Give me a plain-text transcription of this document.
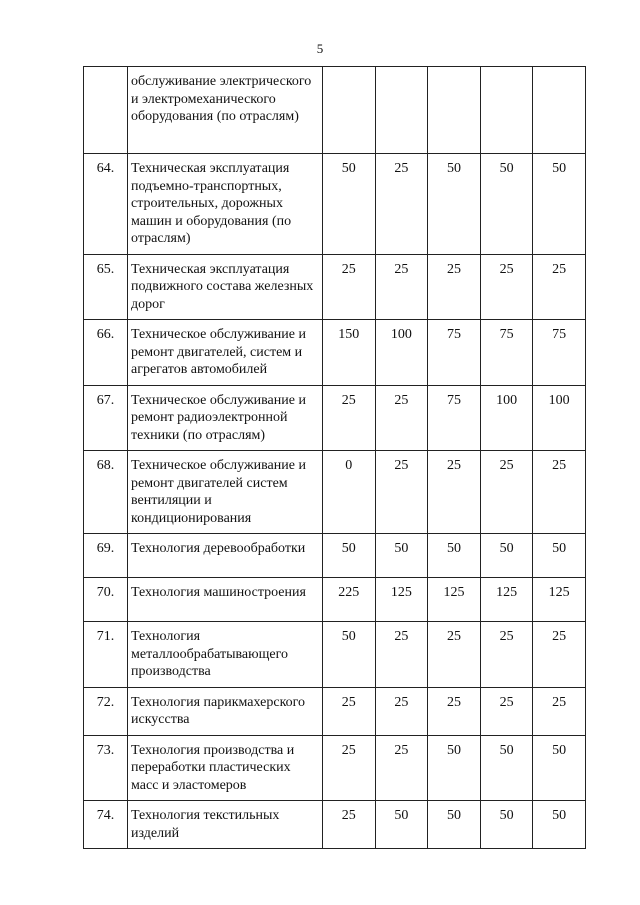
5
	обслуживание электрического и электромеханического оборудования (по отраслям)					
64.	Техническая эксплуатация подъемно-транспортных, строительных, дорожных машин и оборудования (по отраслям)	50	25	50	50	50
65.	Техническая эксплуатация подвижного состава железных дорог	25	25	25	25	25
66.	Техническое обслуживание и ремонт двигателей, систем и агрегатов автомобилей	150	100	75	75	75
67.	Техническое обслуживание и ремонт радиоэлектронной техники (по отраслям)	25	25	75	100	100
68.	Техническое обслуживание и ремонт двигателей систем вентиляции и кондиционирования	0	25	25	25	25
69.	Технология деревообработки	50	50	50	50	50
70.	Технология машиностроения	225	125	125	125	125
71.	Технология металлообрабатывающего производства	50	25	25	25	25
72.	Технология парикмахерского искусства	25	25	25	25	25
73.	Технология производства и переработки пластических масс и эластомеров	25	25	50	50	50
74.	Технология текстильных изделий	25	50	50	50	50
